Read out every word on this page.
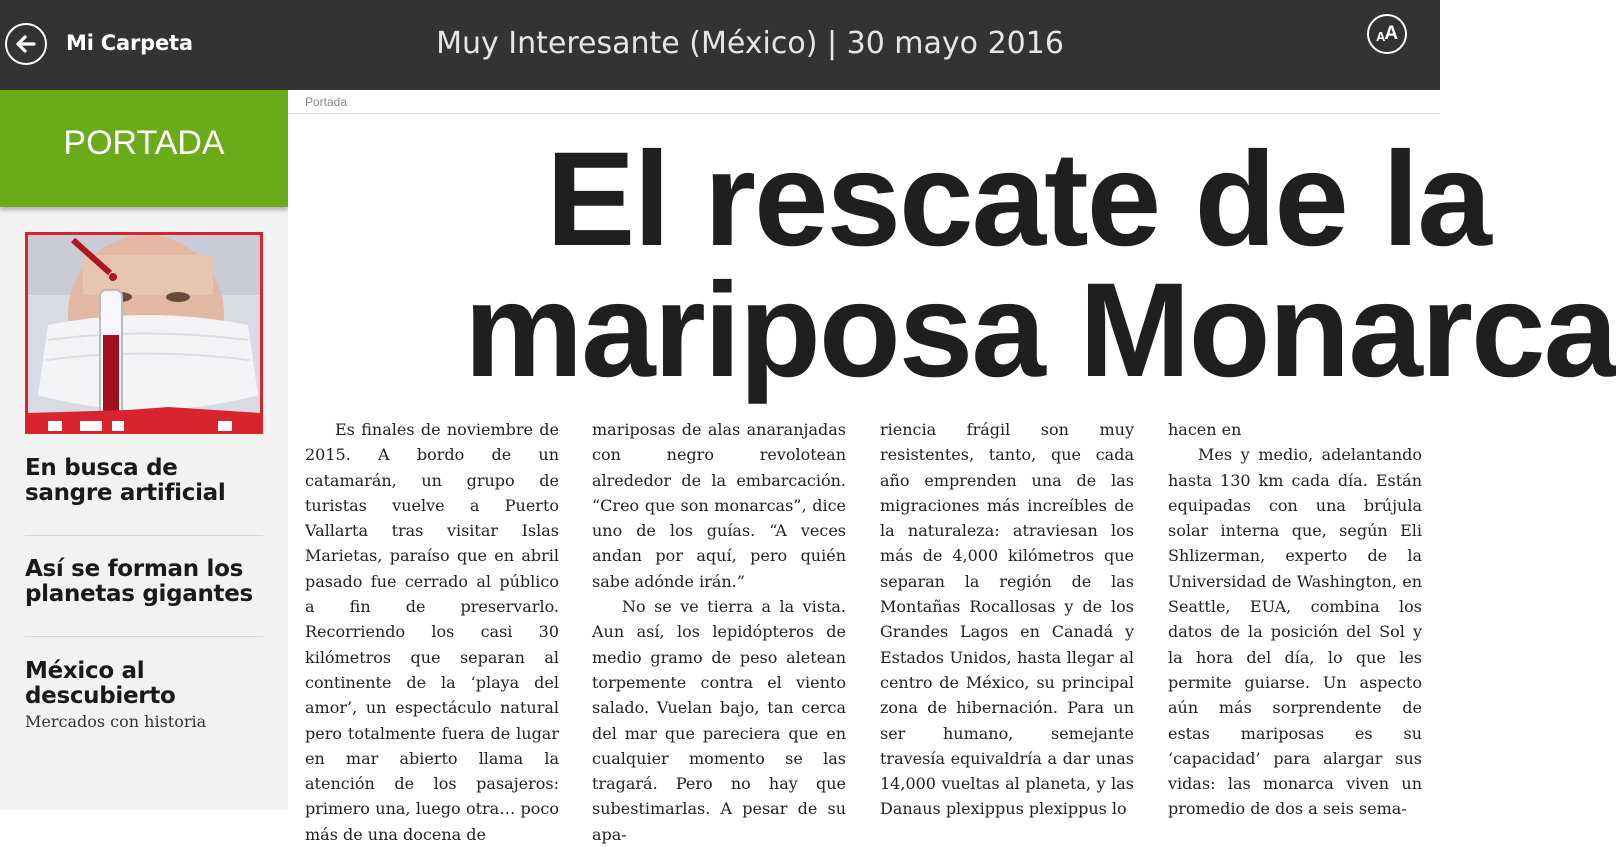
Mi Carpeta	Muy Interesante (México) | 30 mayo 2016	A A
PORTADA
En busca de sangre artificial
Así se forman los planetas gigantes
México al descubierto
Mercados con historia
Portada
El rescate de la
mariposa Monarca

Es finales de noviembre de 2015. A bordo de un catamarán, un grupo de turistas vuelve a Puerto Vallarta tras visitar Islas Marietas, paraíso que en abril pasado fue cerrado al público a fin de preservarlo. Recorriendo los casi 30 kilómetros que separan al continente de la ‘playa del amor’, un espectáculo natural pero totalmente fuera de lugar en mar abierto llama la atención de los pasajeros: primero una, luego otra… poco más de una docena de

mariposas de alas anaranjadas con negro revolotean alrededor de la embarcación. “Creo que son monarcas”, dice uno de los guías. “A veces andan por aquí, pero quién sabe adónde irán.”

No se ve tierra a la vista. Aun así, los lepidópteros de medio gramo de peso aletean torpemente contra el viento salado. Vuelan bajo, tan cerca del mar que pareciera que en cualquier momento se las tragará. Pero no hay que subestimarlas. A pesar de su apa-

riencia frágil son muy resistentes, tanto, que cada año emprenden una de las migraciones más increíbles de la naturaleza: atraviesan los más de 4,000 kilómetros que separan la región de las Montañas Rocallosas y de los Grandes Lagos en Canadá y Estados Unidos, hasta llegar al centro de México, su principal zona de hibernación. Para un ser humano, semejante travesía equivaldría a dar unas 14,000 vueltas al planeta, y las Danaus plexippus plexippus lo

hacen en

Mes y medio, adelantando hasta 130 km cada día. Están equipadas con una brújula solar interna que, según Eli Shlizerman, experto de la Universidad de Washington, en Seattle, EUA, combina los datos de la posición del Sol y la hora del día, lo que les permite guiarse. Un aspecto aún más sorprendente de estas mariposas es su ‘capacidad’ para alargar sus vidas: las monarca viven un promedio de dos a seis sema-
